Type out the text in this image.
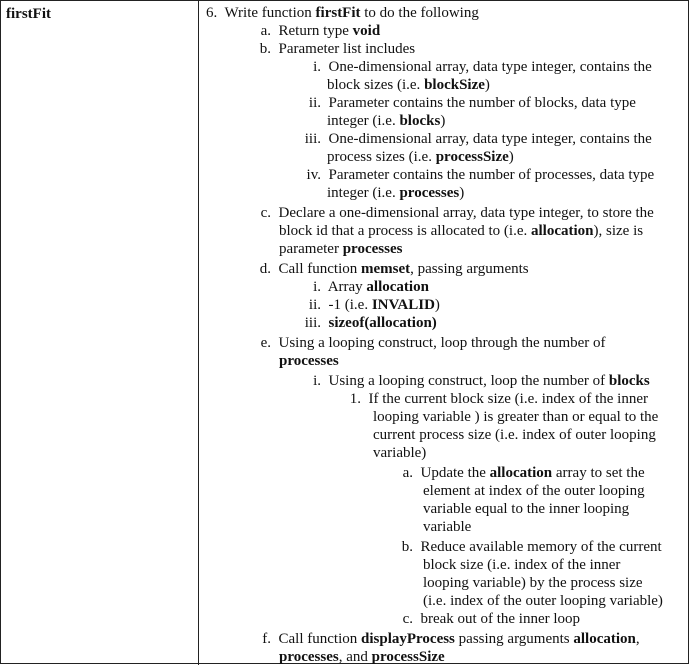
firstFit	6. Write function firstFit to do the following
a. Return type void
b. Parameter list includes
i. One-dimensional array, data type integer, contains the
block sizes (i.e. blockSize)
ii. Parameter contains the number of blocks, data type
integer (i.e. blocks)
iii. One-dimensional array, data type integer, contains the
process sizes (i.e. processSize)
iv. Parameter contains the number of processes, data type
integer (i.e. processes)
c. Declare a one-dimensional array, data type integer, to store the
block id that a process is allocated to (i.e. allocation), size is
parameter processes
d. Call function memset, passing arguments
i. Array allocation
ii. -1 (i.e. INVALID)
iii. sizeof(allocation)
e. Using a looping construct, loop through the number of
processes
i. Using a looping construct, loop the number of blocks
1. If the current block size (i.e. index of the inner
looping variable ) is greater than or equal to the
current process size (i.e. index of outer looping
variable)
a. Update the allocation array to set the
element at index of the outer looping
variable equal to the inner looping
variable
b. Reduce available memory of the current
block size (i.e. index of the inner
looping variable) by the process size
(i.e. index of the outer looping variable)
c. break out of the inner loop
f. Call function displayProcess passing arguments allocation,
processes, and processSize
